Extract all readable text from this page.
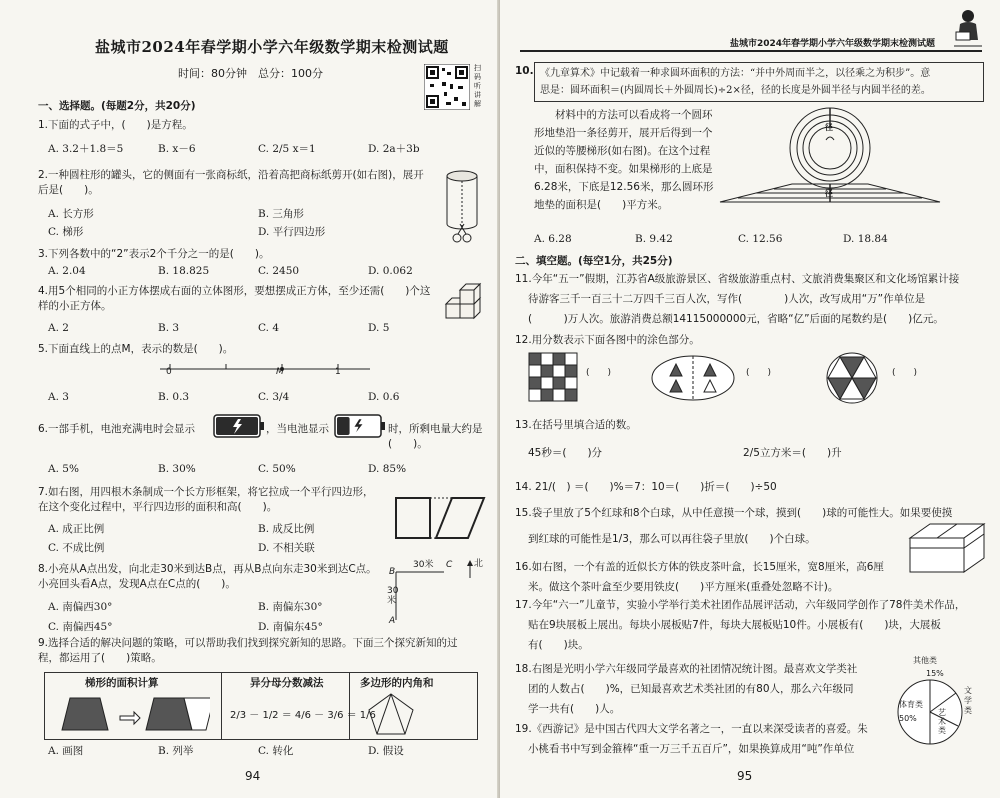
盐城市2024年春学期小学六年级数学期末检测试题
时间：80分钟　总分：100分	扫码听讲解
一、选择题。(每题2分，共20分)
1.下面的式子中，(　　)是方程。
A. 3.2＋1.8＝5	B. x－6	C. 2/5 x＝1	D. 2a＋3b
2.一种圆柱形的罐头，它的侧面有一张商标纸，沿着高把商标纸剪开(如右图)，展开后是(　　)。
A. 长方形	B. 三角形
C. 梯形	D. 平行四边形
3.下列各数中的“2”表示2个千分之一的是(　　)。
A. 2.04	B. 18.825	C. 2450	D. 0.062
4.用5个相同的小正方体摆成右面的立体图形，要想摆成正方体，至少还需(　　)个这样的小正方体。
A. 2	B. 3	C. 4	D. 5
5.下面直线上的点M，表示的数是(　　)。
0	M	1
A. 3	B. 0.3	C. 3/4	D. 0.6
6.一部手机，电池充满电时会显示	，当电池显示	时，所剩电量大约是(　　)。
A. 5%	B. 30%	C. 50%	D. 85%
7.如右图，用四根木条制成一个长方形框架，将它拉成一个平行四边形，在这个变化过程中，平行四边形的面积和高(　　)。
A. 成正比例	B. 成反比例
C. 不成比例	D. 不相关联
8.小亮从A点出发，向北走30米到达B点，再从B点向东走30米到达C点。小亮回头看A点，发现A点在C点的(　　)。
A. 南偏西30°	B. 南偏东30°
C. 南偏西45°	D. 南偏东45°
B
A
C
30米
30米
北
9.选择合适的解决问题的策略，可以帮助我们找到探究新知的思路。下面三个探究新知的过程，都运用了(　　)策略。
梯形的面积计算	异分母分数减法	多边形的内角和
2/3 － 1/2 ＝ 4/6 － 3/6 ＝ 1/6
A. 画图	B. 列举	C. 转化	D. 假设
94
盐城市2024年春学期小学六年级数学期末检测试题
10. 《九章算术》中记载着一种求圆环面积的方法：“并中外周而半之，以径乘之为积步”。意
思是：圆环面积＝(内圆周长＋外圆周长)÷2×径，径的长度是外圆半径与内圆半径的差。
材料中的方法可以看成将一个圆环形地垫沿一条径剪开，展开后得到一个近似的等腰梯形(如右图)。在这个过程中，面积保持不变。如果梯形的上底是6.28米，下底是12.56米，那么圆环形地垫的面积是(　　)平方米。
径
径
A. 6.28	B. 9.42	C. 12.56	D. 18.84
二、填空题。(每空1分，共25分)
11.今年“五一”假期，江苏省A级旅游景区、省级旅游重点村、文旅消费集聚区和文化场馆累计接
待游客三千一百三十二万四千三百人次，写作(　　　　)人次，改写成用“万”作单位是
(　　　)万人次。旅游消费总额14115000000元，省略“亿”后面的尾数约是(　　)亿元。
12.用分数表示下面各图中的涂色部分。
(　　)	(　　)	(　　)
13.在括号里填合适的数。
45秒＝(　　)分	2/5立方米＝(　　)升
14. 21/(　) ＝(　　)%＝7：10＝(　　)折＝(　　)÷50
15.袋子里放了5个红球和8个白球，从中任意摸一个球，摸到(　　)球的可能性大。如果要使摸
到红球的可能性是1/3，那么可以再往袋子里放(　　)个白球。
16.如右图，一个有盖的近似长方体的铁皮茶叶盒，长15厘米，宽8厘米，高6厘
米。做这个茶叶盒至少要用铁皮(　　)平方厘米(重叠处忽略不计)。
17.今年“六一”儿童节，实验小学举行美术社团作品展评活动，六年级同学创作了78件美术作品，
贴在9块展板上展出。每块小展板贴7件，每块大展板贴10件。小展板有(　　)块，大展板
有(　　)块。
18.右图是光明小学六年级同学最喜欢的社团情况统计图。最喜欢文学类社
团的人数占(　　)%，已知最喜欢艺术类社团的有80人，那么六年级同
学一共有(　　)人。
其他类
15%
文学类
体育类
50%
艺术类
19.《西游记》是中国古代四大文学名著之一，一直以来深受读者的喜爱。朱
小桃看书中写到金箍棒“重一万三千五百斤”，如果换算成用“吨”作单位
95
